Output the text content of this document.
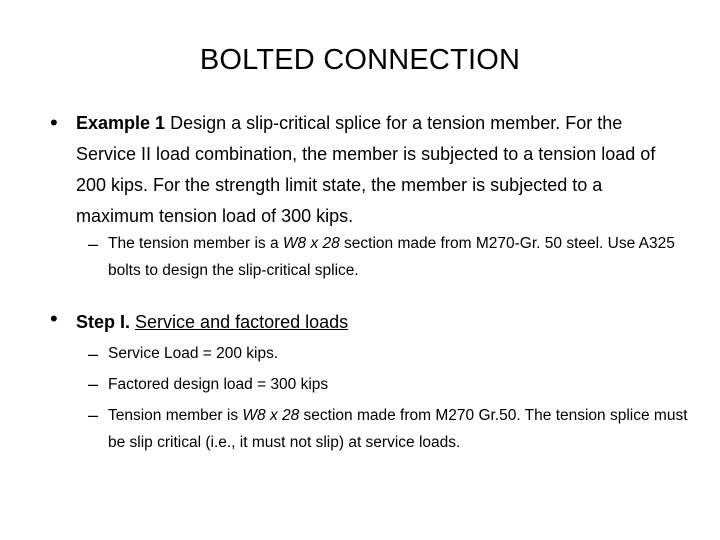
BOLTED CONNECTION
• Example 1 Design a slip-critical splice for a tension member. For the Service II load combination, the member is subjected to a tension load of 200 kips. For the strength limit state, the member is subjected to a maximum tension load of 300 kips.
– The tension member is a W8 x 28 section made from M270-Gr. 50 steel. Use A325 bolts to design the slip-critical splice.
• Step I. Service and factored loads
– Service Load = 200 kips.
– Factored design load = 300 kips
– Tension member is W8 x 28 section made from M270 Gr.50. The tension splice must be slip critical (i.e., it must not slip) at service loads.
